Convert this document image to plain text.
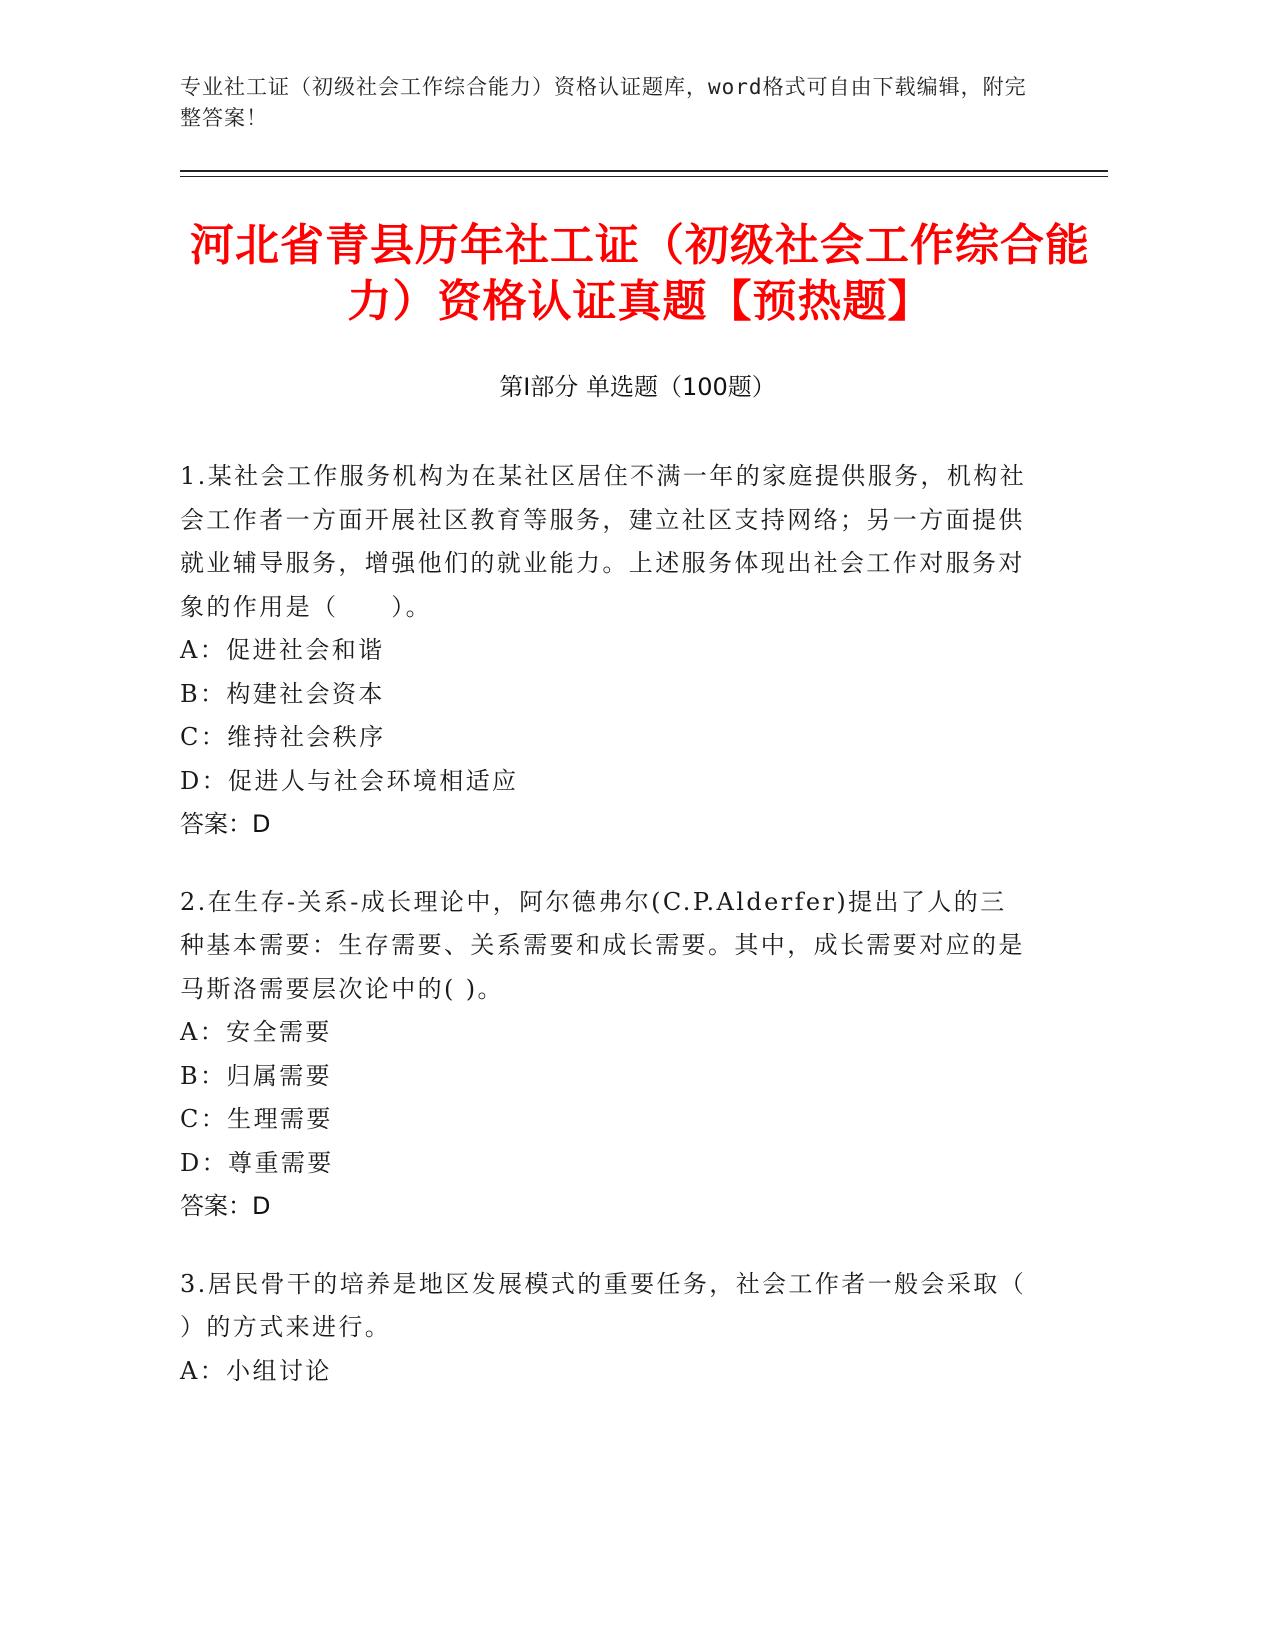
专业社工证（初级社会工作综合能力）资格认证题库，word格式可自由下载编辑，附完整答案！
河北省青县历年社工证（初级社会工作综合能力）资格认证真题【预热题】
第Ⅰ部分 单选题（100题）

1.某社会工作服务机构为在某社区居住不满一年的家庭提供服务，机构社会工作者一方面开展社区教育等服务，建立社区支持网络；另一方面提供就业辅导服务，增强他们的就业能力。上述服务体现出社会工作对服务对象的作用是（　　）。

A：促进社会和谐

B：构建社会资本

C：维持社会秩序

D：促进人与社会环境相适应

答案：D

2.在生存-关系-成长理论中，阿尔德弗尔(C.P.Alderfer)提出了人的三种基本需要：生存需要、关系需要和成长需要。其中，成长需要对应的是马斯洛需要层次论中的( )。

A：安全需要

B：归属需要

C：生理需要

D：尊重需要

答案：D

3.居民骨干的培养是地区发展模式的重要任务，社会工作者一般会采取（ ）的方式来进行。

A：小组讨论
